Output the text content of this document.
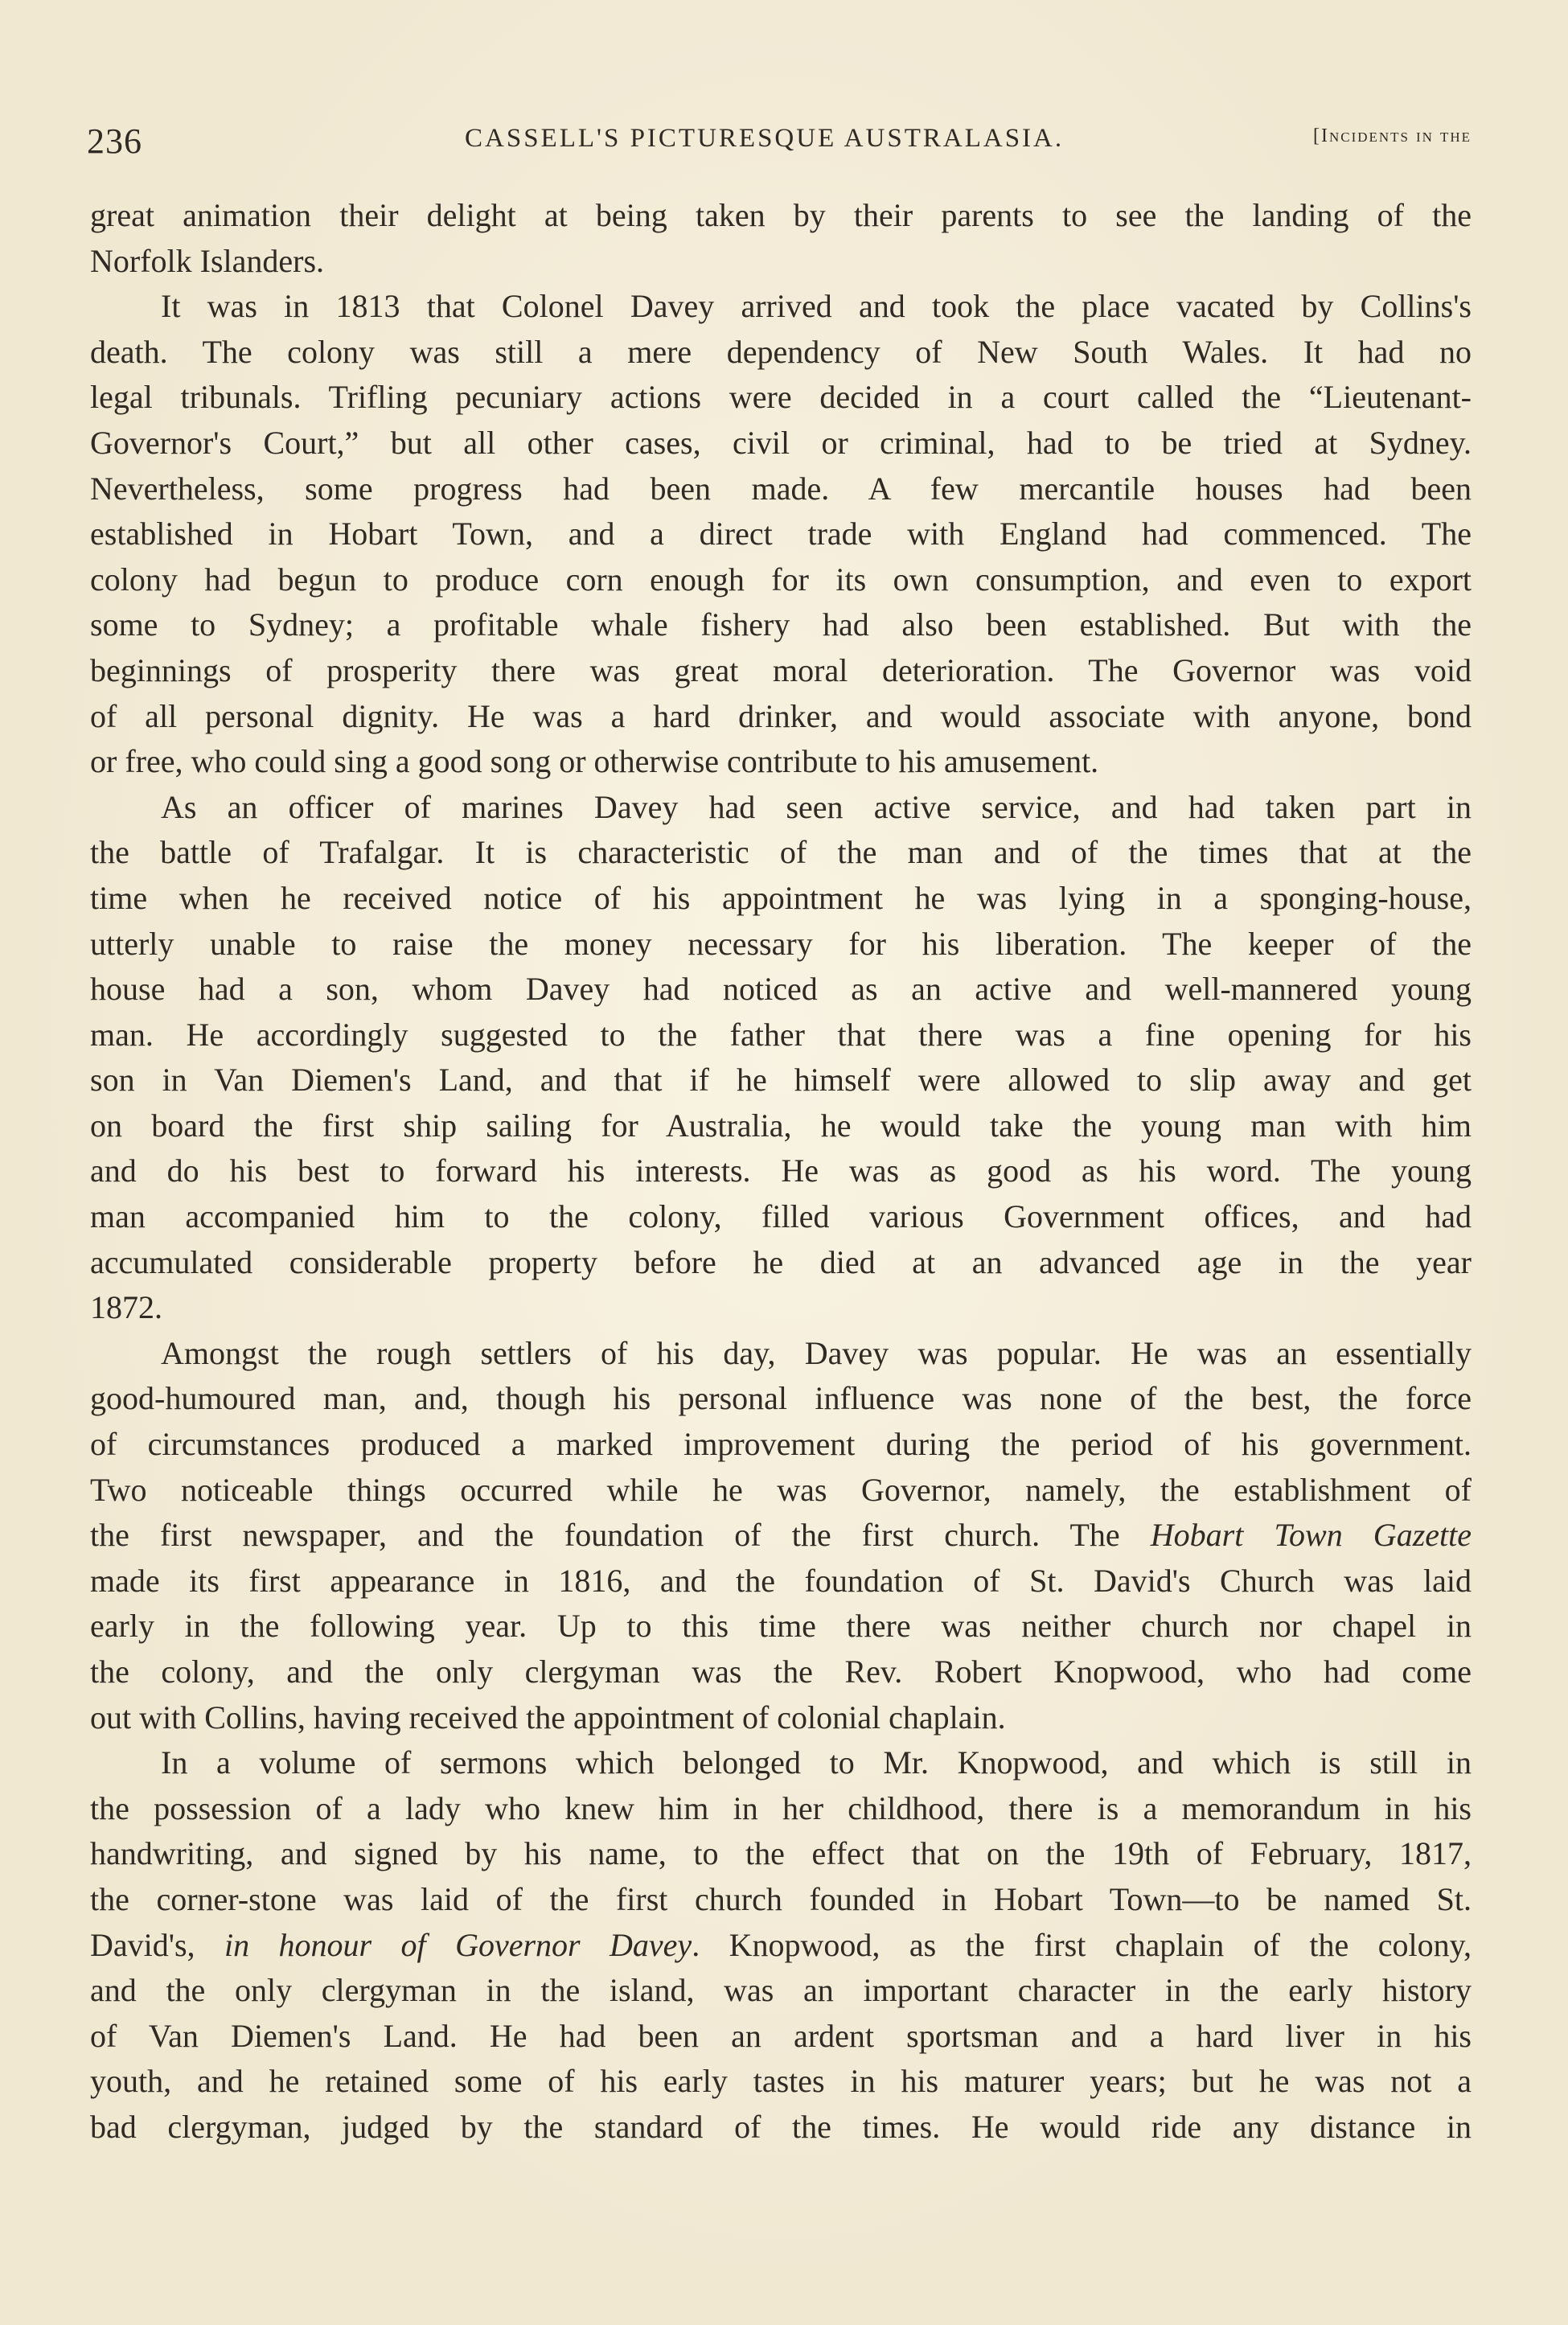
236	CASSELL'S PICTURESQUE AUSTRALASIA.	[Incidents in the
great animation their delight at being taken by their parents to see the landing of the
Norfolk Islanders.
It was in 1813 that Colonel Davey arrived and took the place vacated by Collins's
death. The colony was still a mere dependency of New South Wales. It had no
legal tribunals. Trifling pecuniary actions were decided in a court called the “Lieutenant-
Governor's Court,” but all other cases, civil or criminal, had to be tried at Sydney.
Nevertheless, some progress had been made. A few mercantile houses had been
established in Hobart Town, and a direct trade with England had commenced. The
colony had begun to produce corn enough for its own consumption, and even to export
some to Sydney; a profitable whale fishery had also been established. But with the
beginnings of prosperity there was great moral deterioration. The Governor was void
of all personal dignity. He was a hard drinker, and would associate with anyone, bond
or free, who could sing a good song or otherwise contribute to his amusement.
As an officer of marines Davey had seen active service, and had taken part in
the battle of Trafalgar. It is characteristic of the man and of the times that at the
time when he received notice of his appointment he was lying in a sponging-house,
utterly unable to raise the money necessary for his liberation. The keeper of the
house had a son, whom Davey had noticed as an active and well-mannered young
man. He accordingly suggested to the father that there was a fine opening for his
son in Van Diemen's Land, and that if he himself were allowed to slip away and get
on board the first ship sailing for Australia, he would take the young man with him
and do his best to forward his interests. He was as good as his word. The young
man accompanied him to the colony, filled various Government offices, and had
accumulated considerable property before he died at an advanced age in the year
1872.
Amongst the rough settlers of his day, Davey was popular. He was an essentially
good-humoured man, and, though his personal influence was none of the best, the force
of circumstances produced a marked improvement during the period of his government.
Two noticeable things occurred while he was Governor, namely, the establishment of
the first newspaper, and the foundation of the first church. The Hobart Town Gazette
made its first appearance in 1816, and the foundation of St. David's Church was laid
early in the following year. Up to this time there was neither church nor chapel in
the colony, and the only clergyman was the Rev. Robert Knopwood, who had come
out with Collins, having received the appointment of colonial chaplain.
In a volume of sermons which belonged to Mr. Knopwood, and which is still in
the possession of a lady who knew him in her childhood, there is a memorandum in his
handwriting, and signed by his name, to the effect that on the 19th of February, 1817,
the corner-stone was laid of the first church founded in Hobart Town—to be named St.
David's, in honour of Governor Davey. Knopwood, as the first chaplain of the colony,
and the only clergyman in the island, was an important character in the early history
of Van Diemen's Land. He had been an ardent sportsman and a hard liver in his
youth, and he retained some of his early tastes in his maturer years; but he was not a
bad clergyman, judged by the standard of the times. He would ride any distance in
